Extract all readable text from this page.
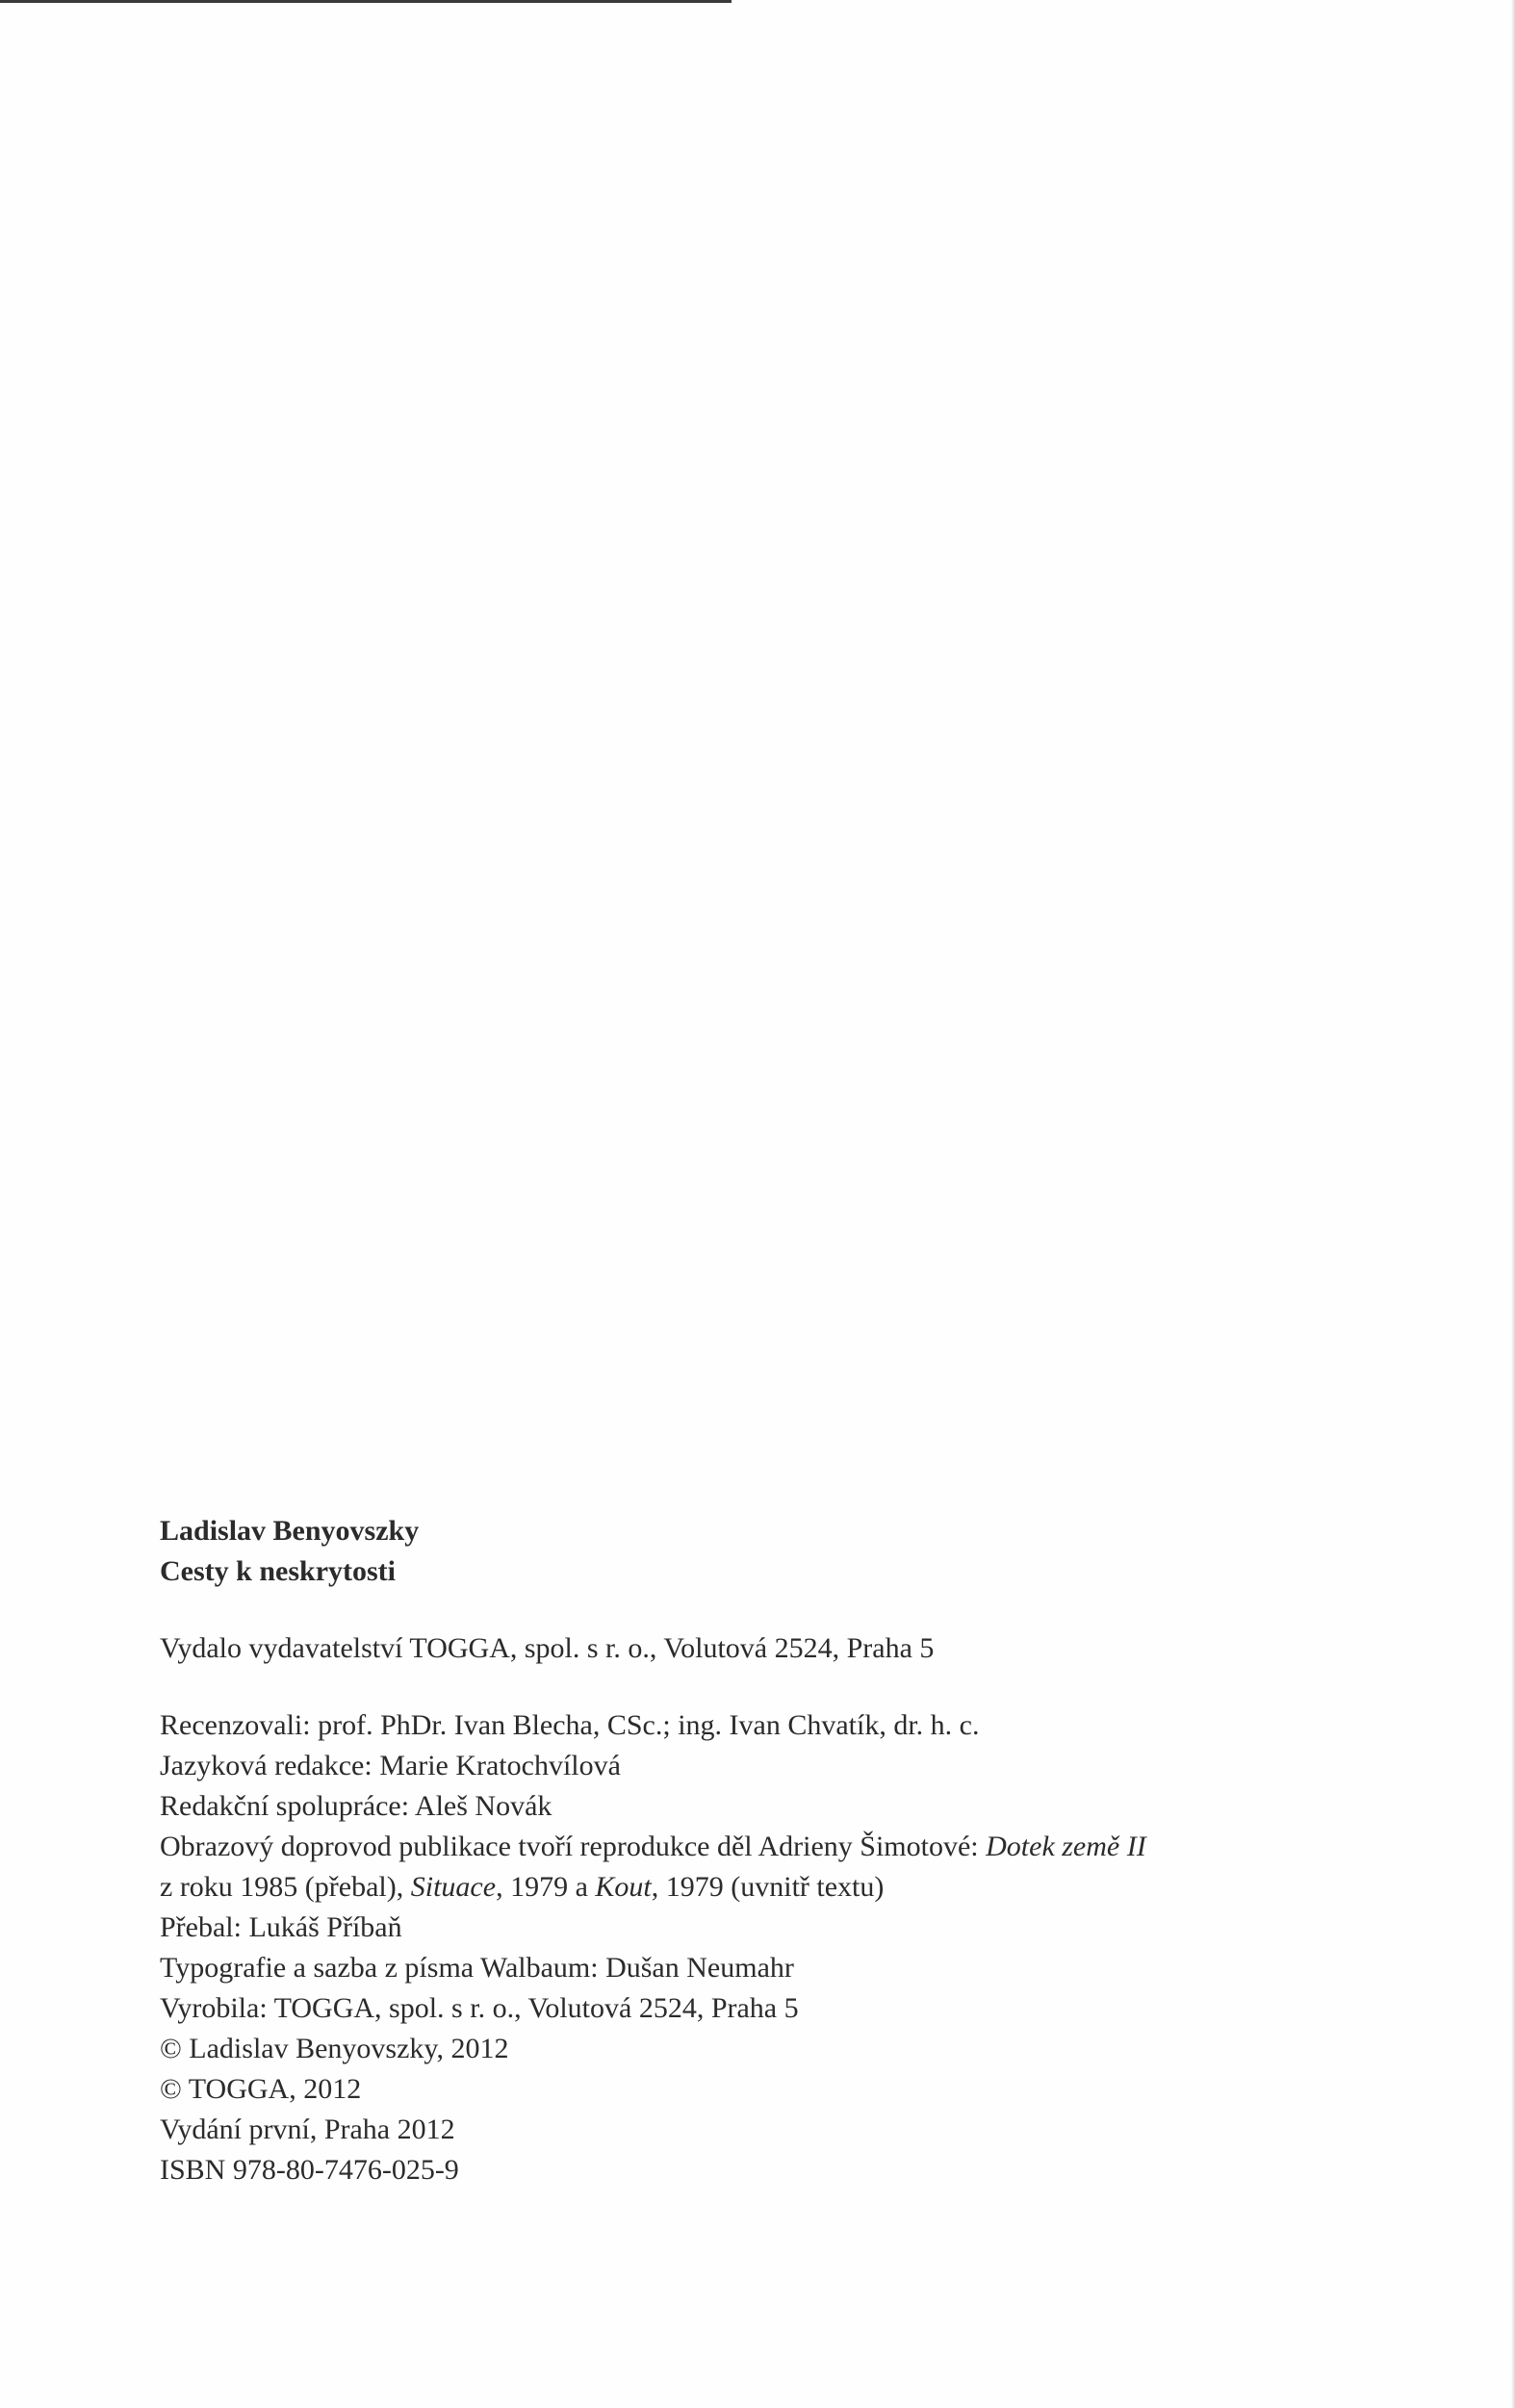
Ladislav Benyovszky
Cesty k neskrytosti
Vydalo vydavatelství TOGGA, spol. s r. o., Volutová 2524, Praha 5
Recenzovali: prof. PhDr. Ivan Blecha, CSc.; ing. Ivan Chvatík, dr. h. c.
Jazyková redakce: Marie Kratochvílová
Redakční spolupráce: Aleš Novák
Obrazový doprovod publikace tvoří reprodukce děl Adrieny Šimotové: Dotek země II
z roku 1985 (přebal), Situace, 1979 a Kout, 1979 (uvnitř textu)
Přebal: Lukáš Příbaň
Typografie a sazba z písma Walbaum: Dušan Neumahr
Vyrobila: TOGGA, spol. s r. o., Volutová 2524, Praha 5
© Ladislav Benyovszky, 2012
© TOGGA, 2012
Vydání první, Praha 2012
ISBN 978-80-7476-025-9
